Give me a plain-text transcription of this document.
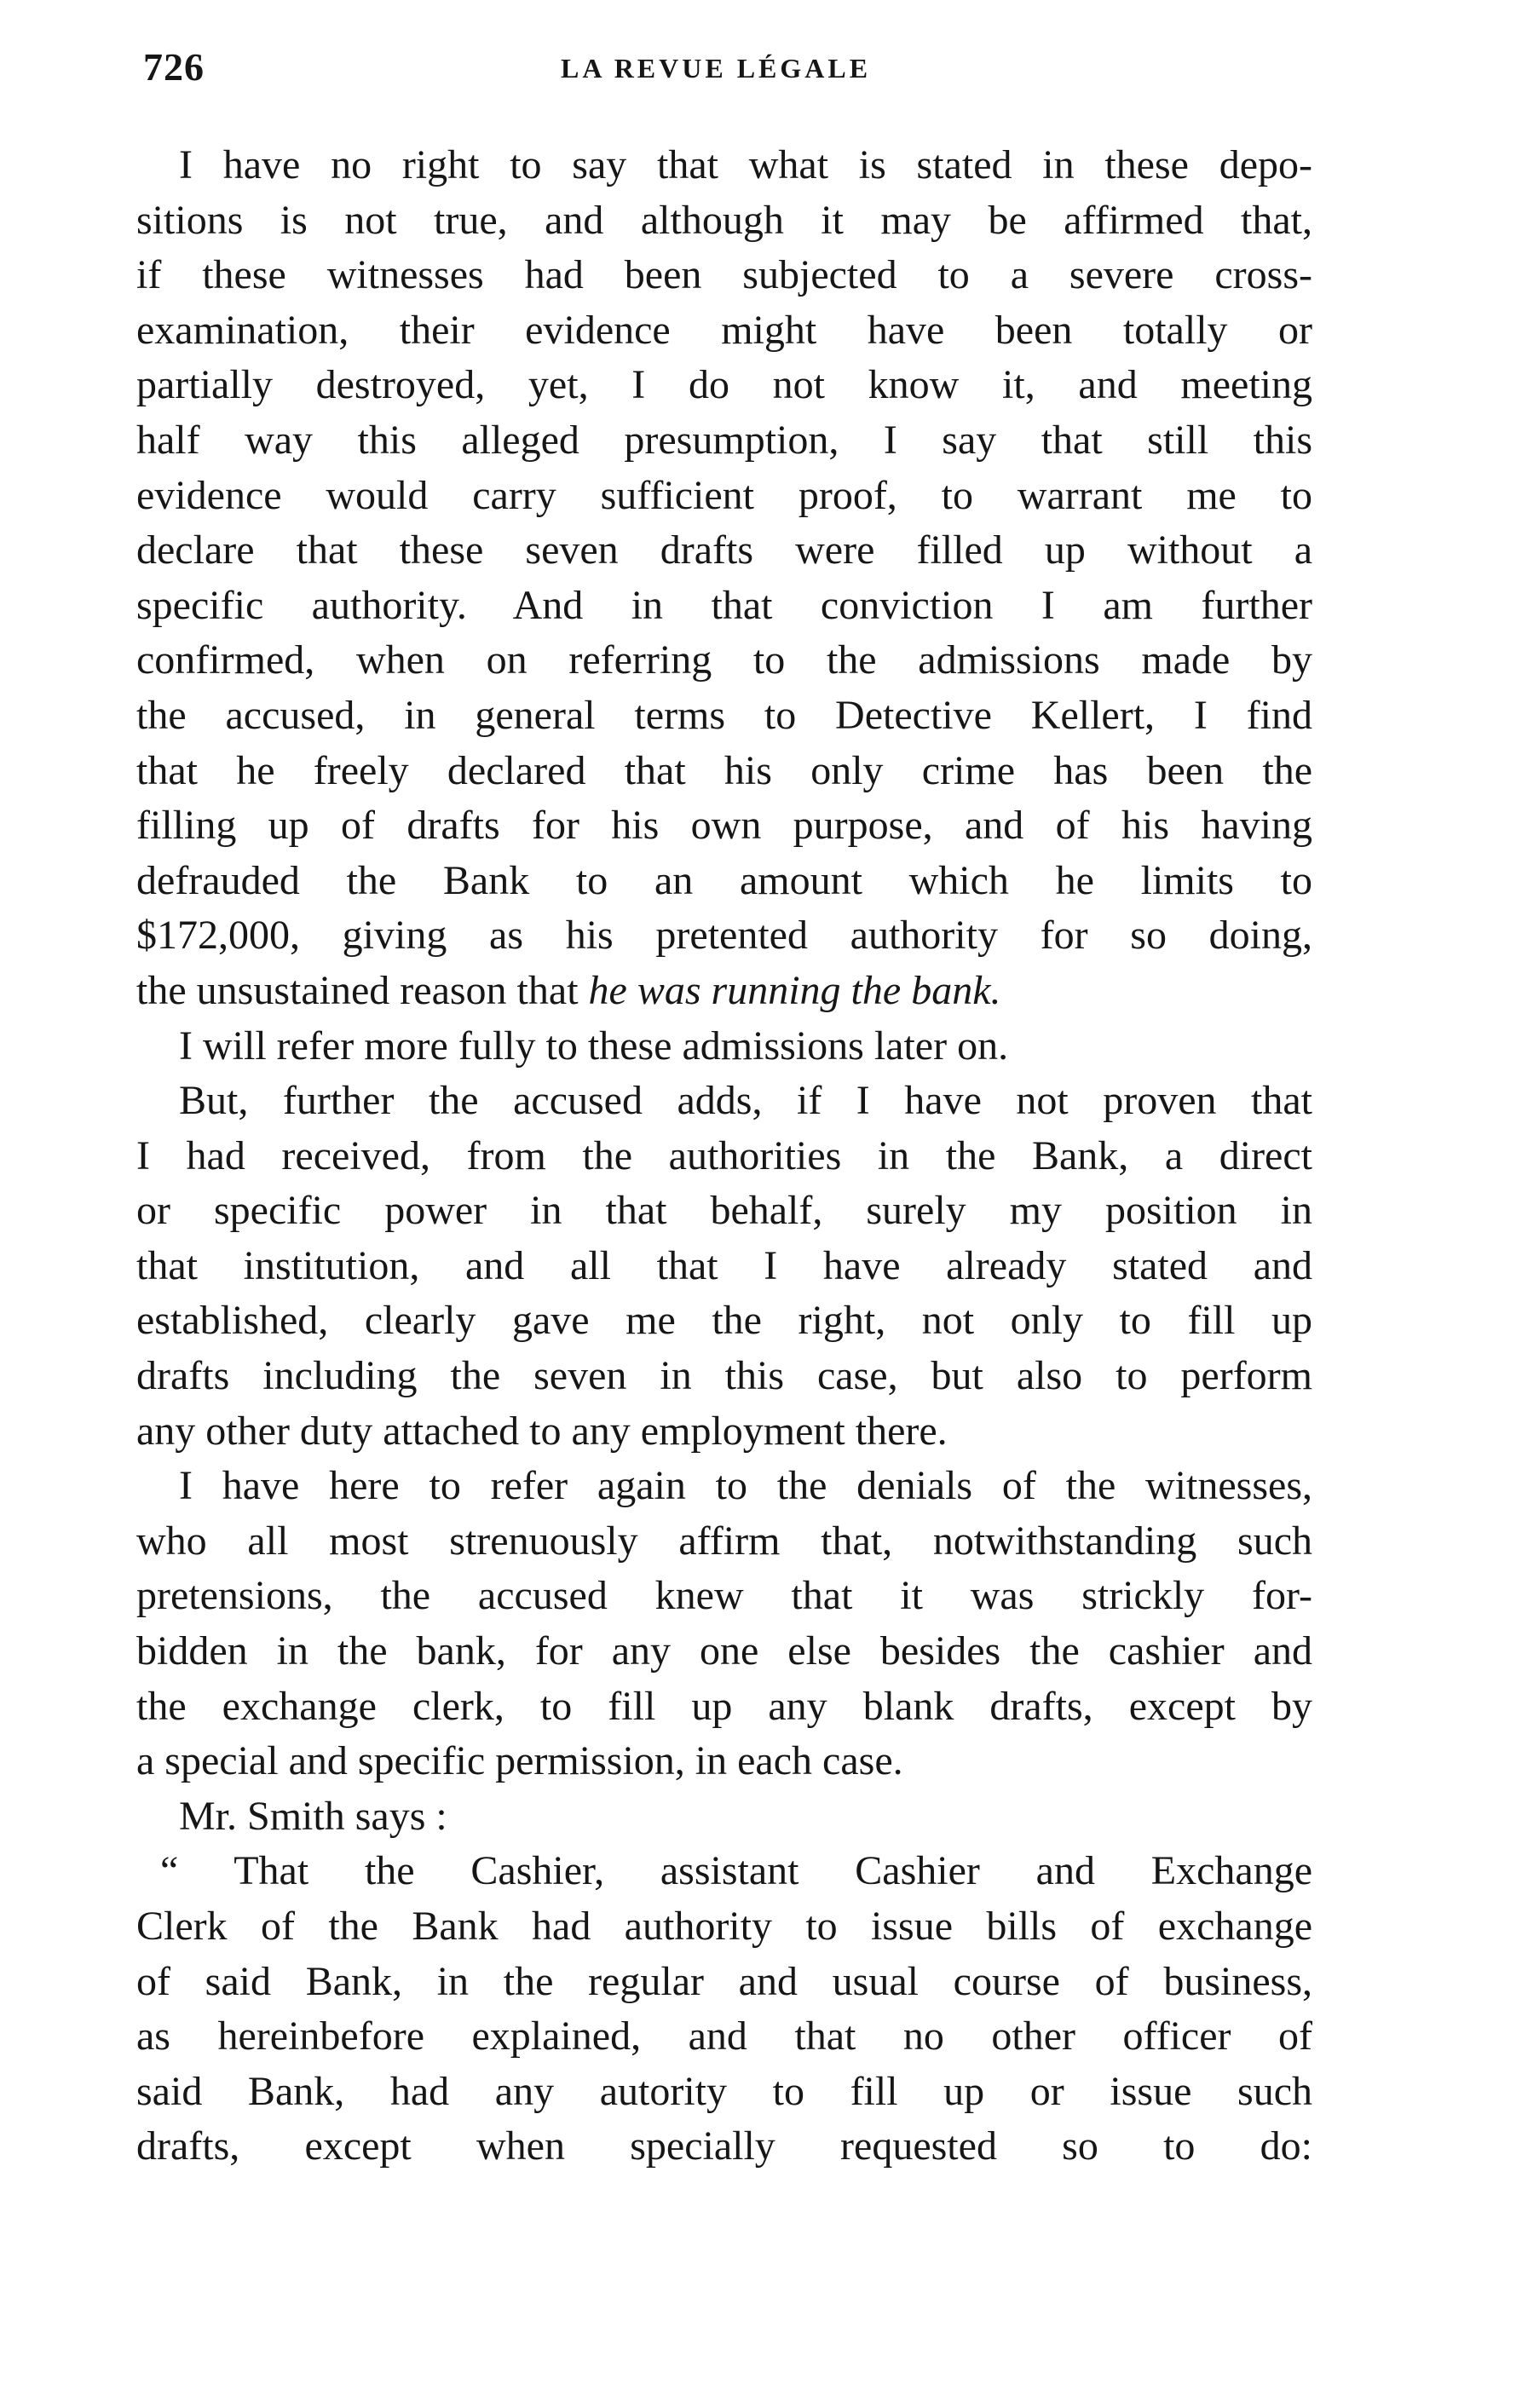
726	LA REVUE LÉGALE

I have no right to say that what is stated in these depo-
sitions is not true, and although it may be affirmed that,
if these witnesses had been subjected to a severe cross-
examination, their evidence might have been totally or
partially destroyed, yet, I do not know it, and meeting
half way this alleged presumption, I say that still this
evidence would carry sufficient proof, to warrant me to
declare that these seven drafts were filled up without a
specific authority. And in that conviction I am further
confirmed, when on referring to the admissions made by
the accused, in general terms to Detective Kellert, I find
that he freely declared that his only crime has been the
filling up of drafts for his own purpose, and of his having
defrauded the Bank to an amount which he limits to
$172,000, giving as his pretented authority for so doing,
the unsustained reason that he was running the bank.

I will refer more fully to these admissions later on.

But, further the accused adds, if I have not proven that
I had received, from the authorities in the Bank, a direct
or specific power in that behalf, surely my position in
that institution, and all that I have already stated and
established, clearly gave me the right, not only to fill up
drafts including the seven in this case, but also to perform
any other duty attached to any employment there.

I have here to refer again to the denials of the witnesses,
who all most strenuously affirm that, notwithstanding such
pretensions, the accused knew that it was strickly for-
bidden in the bank, for any one else besides the cashier and
the exchange clerk, to fill up any blank drafts, except by
a special and specific permission, in each case.

Mr. Smith says :

“ That the Cashier, assistant Cashier and Exchange
Clerk of the Bank had authority to issue bills of exchange
of said Bank, in the regular and usual course of business,
as hereinbefore explained, and that no other officer of
said Bank, had any autority to fill up or issue such
drafts, except when specially requested so to do:
